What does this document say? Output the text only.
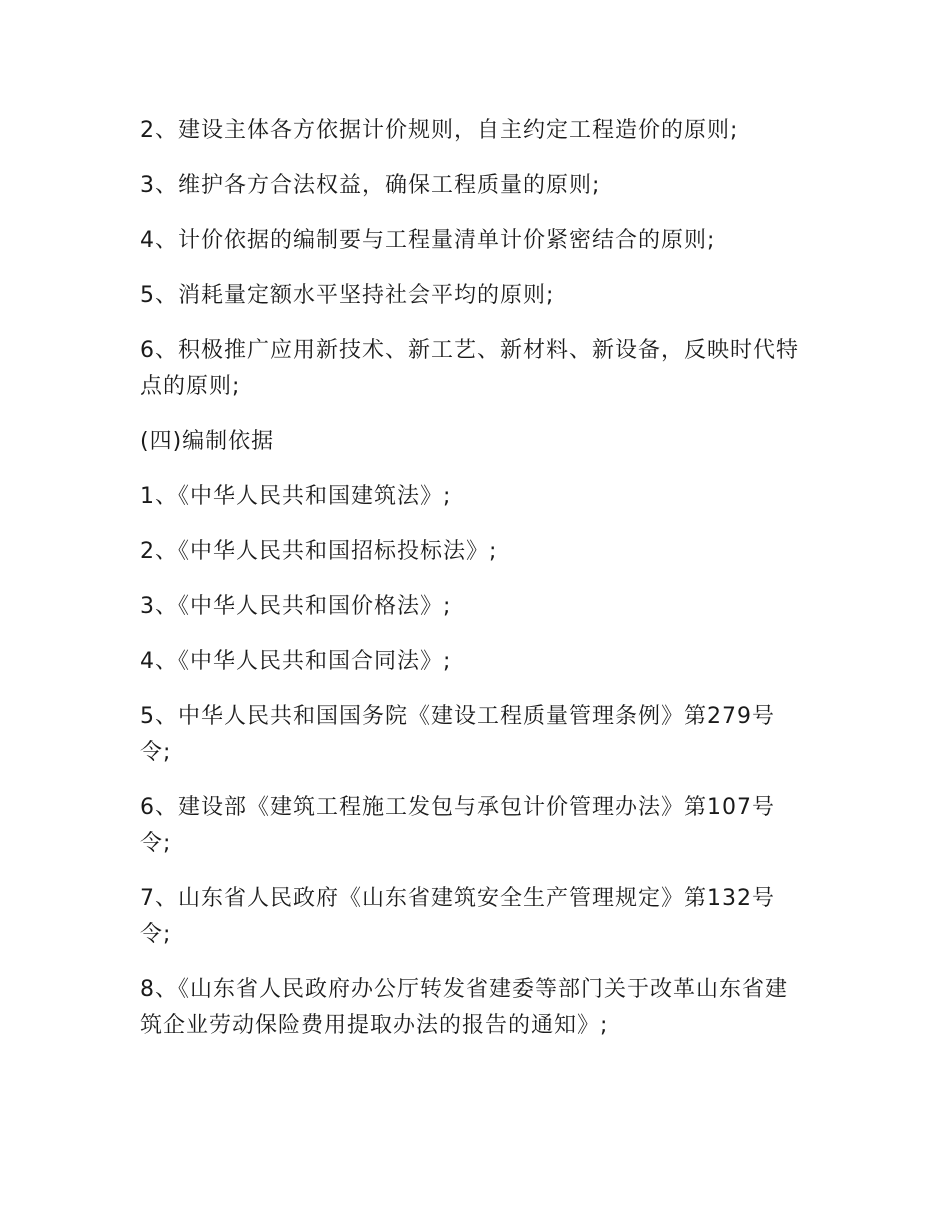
2、建设主体各方依据计价规则，自主约定工程造价的原则;

3、维护各方合法权益，确保工程质量的原则;

4、计价依据的编制要与工程量清单计价紧密结合的原则;

5、消耗量定额水平坚持社会平均的原则;

6、积极推广应用新技术、新工艺、新材料、新设备，反映时代特点的原则;

(四)编制依据

1、《中华人民共和国建筑法》;

2、《中华人民共和国招标投标法》;

3、《中华人民共和国价格法》;

4、《中华人民共和国合同法》;

5、中华人民共和国国务院《建设工程质量管理条例》第279号令;

6、建设部《建筑工程施工发包与承包计价管理办法》第107号令;

7、山东省人民政府《山东省建筑安全生产管理规定》第132号令;

8、《山东省人民政府办公厅转发省建委等部门关于改革山东省建筑企业劳动保险费用提取办法的报告的通知》;
